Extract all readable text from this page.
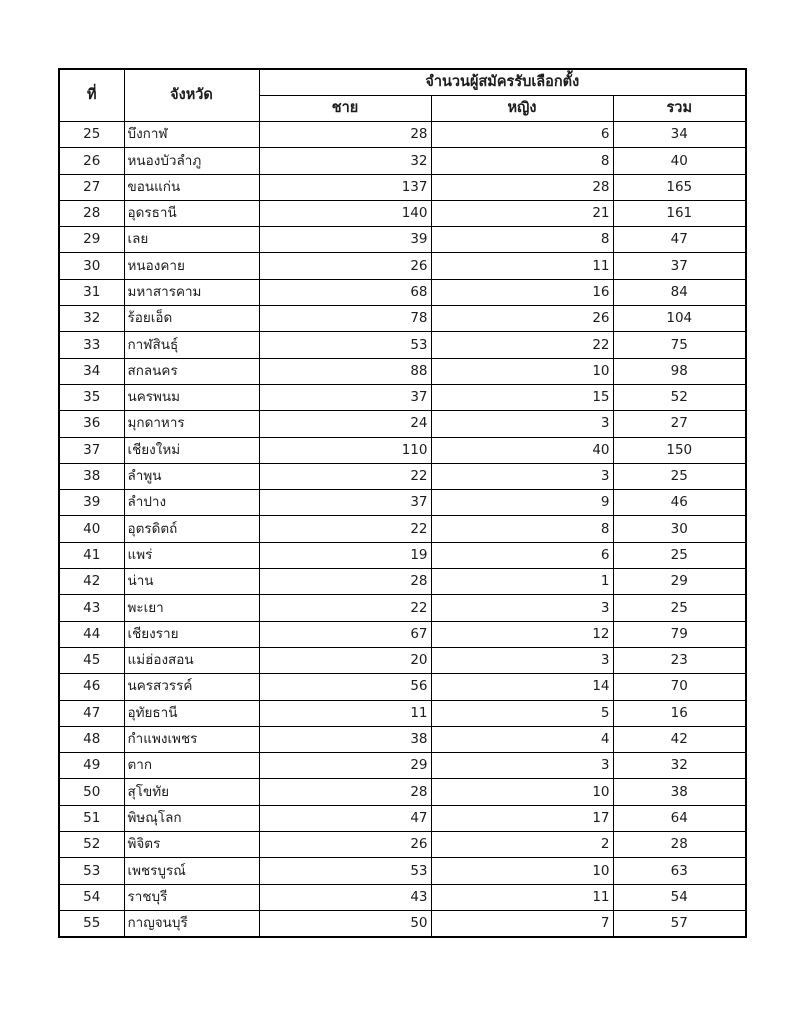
ที่	จังหวัด	จำนวนผู้สมัครรับเลือกตั้ง		
		ชาย	หญิง	รวม
25	บึงกาฬ	28	6	34
26	หนองบัวลำภู	32	8	40
27	ขอนแก่น	137	28	165
28	อุดรธานี	140	21	161
29	เลย	39	8	47
30	หนองคาย	26	11	37
31	มหาสารคาม	68	16	84
32	ร้อยเอ็ด	78	26	104
33	กาฬสินธุ์	53	22	75
34	สกลนคร	88	10	98
35	นครพนม	37	15	52
36	มุกดาหาร	24	3	27
37	เชียงใหม่	110	40	150
38	ลำพูน	22	3	25
39	ลำปาง	37	9	46
40	อุตรดิตถ์	22	8	30
41	แพร่	19	6	25
42	น่าน	28	1	29
43	พะเยา	22	3	25
44	เชียงราย	67	12	79
45	แม่ฮ่องสอน	20	3	23
46	นครสวรรค์	56	14	70
47	อุทัยธานี	11	5	16
48	กำแพงเพชร	38	4	42
49	ตาก	29	3	32
50	สุโขทัย	28	10	38
51	พิษณุโลก	47	17	64
52	พิจิตร	26	2	28
53	เพชรบูรณ์	53	10	63
54	ราชบุรี	43	11	54
55	กาญจนบุรี	50	7	57
